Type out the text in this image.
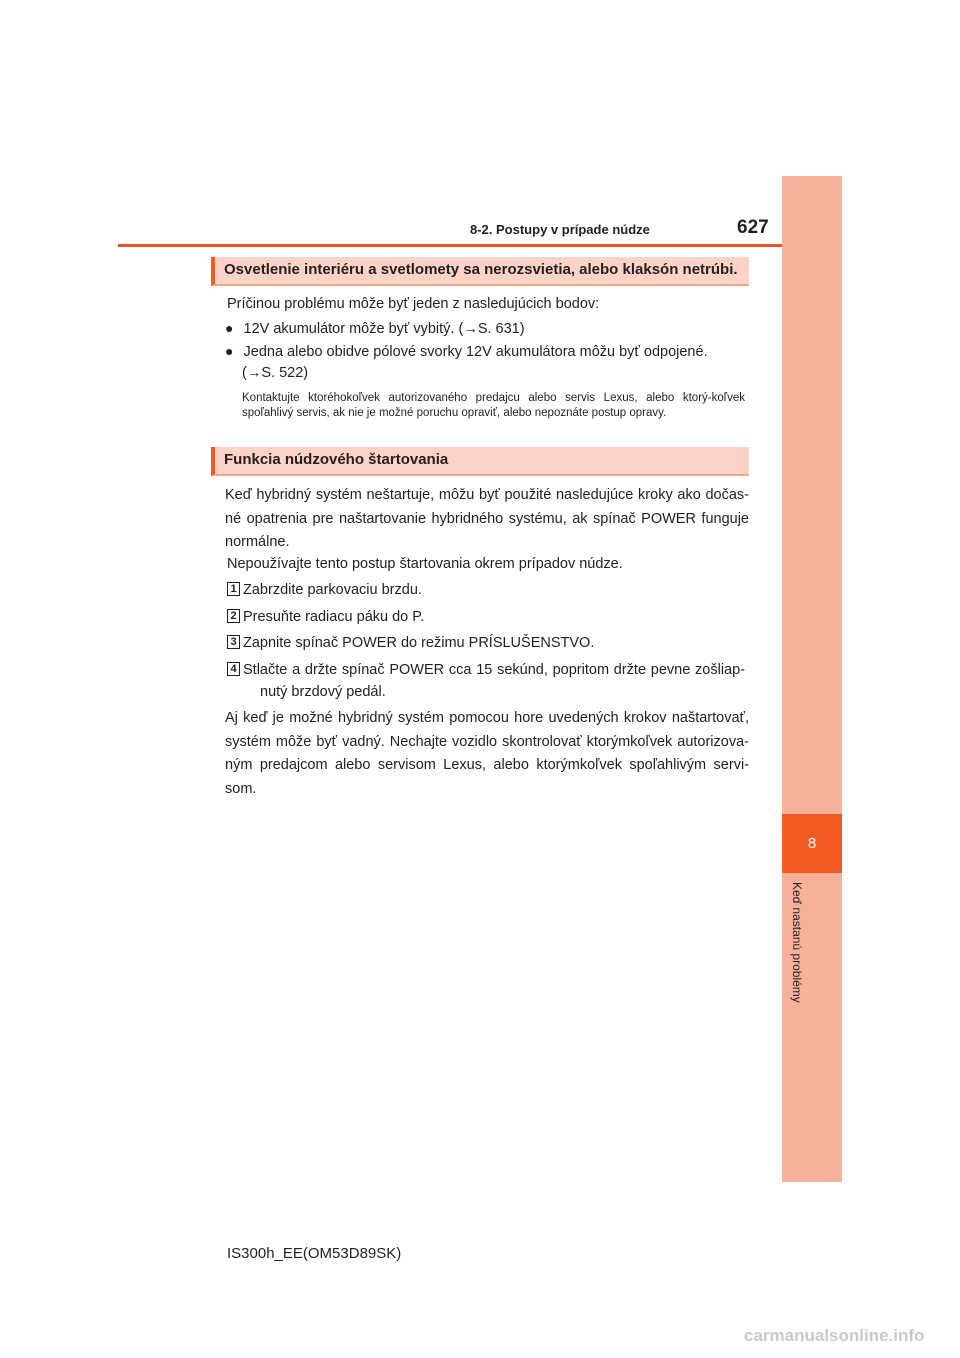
8-2. Postupy v prípade núdze	627
8
Keď nastanú problémy
Osvetlenie interiéru a svetlomety sa nerozsvietia, alebo klaksón netrúbi.
Príčinou problému môže byť jeden z nasledujúcich bodov:
● 12V akumulátor môže byť vybitý. (→S. 631)
● Jedna alebo obidve pólové svorky 12V akumulátora môžu byť odpojené.
(→S. 522)
Kontaktujte ktoréhokoľvek autorizovaného predajcu alebo servis Lexus, alebo ktorý-koľvek spoľahlivý servis, ak nie je možné poruchu opraviť, alebo nepoznáte postup opravy.
Funkcia núdzového štartovania
Keď hybridný systém neštartuje, môžu byť použité nasledujúce kroky ako dočas-né opatrenia pre naštartovanie hybridného systému, ak spínač POWER funguje normálne.
Nepoužívajte tento postup štartovania okrem prípadov núdze.
1 Zabrzdite parkovaciu brzdu.
2 Presuňte radiacu páku do P.
3 Zapnite spínač POWER do režimu PRÍSLUŠENSTVO.
4 Stlačte a držte spínač POWER cca 15 sekúnd, popritom držte pevne zošliap-nutý brzdový pedál.
Aj keď je možné hybridný systém pomocou hore uvedených krokov naštartovať, systém môže byť vadný. Nechajte vozidlo skontrolovať ktorýmkoľvek autorizova-ným predajcom alebo servisom Lexus, alebo ktorýmkoľvek spoľahlivým servi-som.
IS300h_EE(OM53D89SK)
carmanualsonline.info
